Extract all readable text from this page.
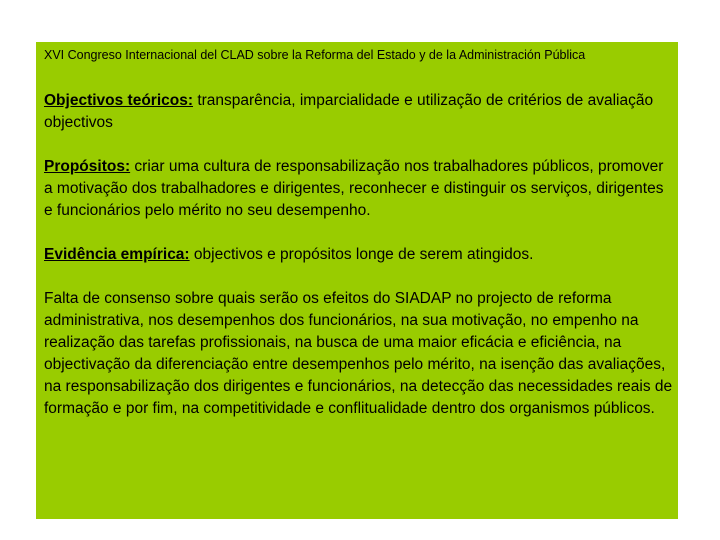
XVI Congreso Internacional del CLAD sobre la Reforma del Estado y de la Administración Pública

Objectivos teóricos: transparência, imparcialidade e utilização de critérios de avaliação objectivos

Propósitos: criar uma cultura de responsabilização nos trabalhadores públicos, promover a motivação dos trabalhadores e dirigentes, reconhecer e distinguir os serviços, dirigentes e funcionários pelo mérito no seu desempenho.

Evidência empírica: objectivos e propósitos longe de serem atingidos.

Falta de consenso sobre quais serão os efeitos do SIADAP no projecto de reforma administrativa, nos desempenhos dos funcionários, na sua motivação, no empenho na realização das tarefas profissionais, na busca de uma maior eficácia e eficiência, na objectivação da diferenciação entre desempenhos pelo mérito, na isenção das avaliações, na responsabilização dos dirigentes e funcionários, na detecção das necessidades reais de formação e por fim, na competitividade e conflitualidade dentro dos organismos públicos.
